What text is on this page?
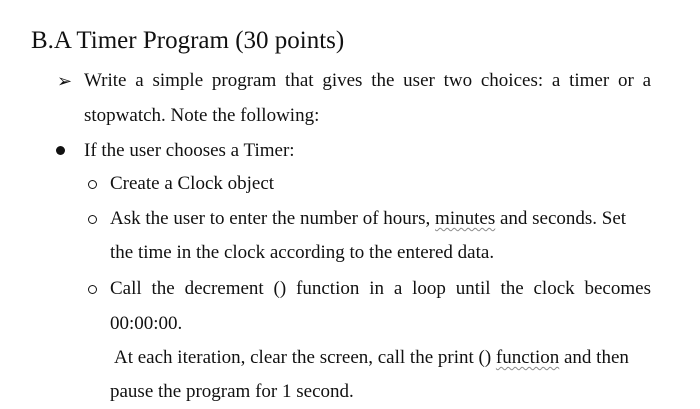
B.A Timer Program (30 points)
➢ Write a simple program that gives the user two choices: a timer or a
stopwatch. Note the following:
If the user chooses a Timer:
Create a Clock object
Ask the user to enter the number of hours, minutes and seconds. Set
the time in the clock according to the entered data.
Call the decrement () function in a loop until the clock becomes
00:00:00.
At each iteration, clear the screen, call the print () function and then
pause the program for 1 second.
